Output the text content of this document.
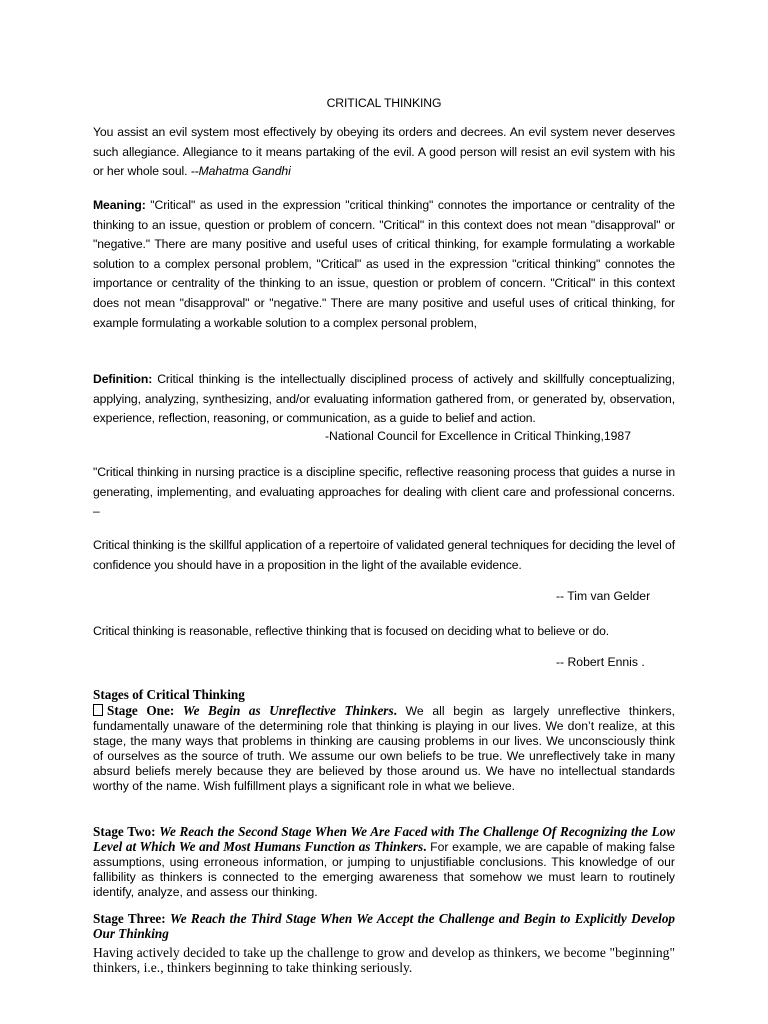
CRITICAL THINKING

You assist an evil system most effectively by obeying its orders and decrees. An evil system never deserves such allegiance. Allegiance to it means partaking of the evil. A good person will resist an evil system with his or her whole soul. --Mahatma Gandhi

Meaning: "Critical" as used in the expression "critical thinking" connotes the importance or centrality of the thinking to an issue, question or problem of concern. "Critical" in this context does not mean "disapproval" or "negative." There are many positive and useful uses of critical thinking, for example formulating a workable solution to a complex personal problem, "Critical" as used in the expression "critical thinking" connotes the importance or centrality of the thinking to an issue, question or problem of concern. "Critical" in this context does not mean "disapproval" or "negative." There are many positive and useful uses of critical thinking, for example formulating a workable solution to a complex personal problem,

Definition: Critical thinking is the intellectually disciplined process of actively and skillfully conceptualizing, applying, analyzing, synthesizing, and/or evaluating information gathered from, or generated by, observation, experience, reflection, reasoning, or communication, as a guide to belief and action.

-National Council for Excellence in Critical Thinking,1987

"Critical thinking in nursing practice is a discipline specific, reflective reasoning process that guides a nurse in generating, implementing, and evaluating approaches for dealing with client care and professional concerns. –

Critical thinking is the skillful application of a repertoire of validated general techniques for deciding the level of confidence you should have in a proposition in the light of the available evidence.

-- Tim van Gelder

Critical thinking is reasonable, reflective thinking that is focused on deciding what to believe or do.

-- Robert Ennis .
Stages of Critical Thinking

Stage One: We Begin as Unreflective Thinkers. We all begin as largely unreflective thinkers, fundamentally unaware of the determining role that thinking is playing in our lives. We don’t realize, at this stage, the many ways that problems in thinking are causing problems in our lives. We unconsciously think of ourselves as the source of truth. We assume our own beliefs to be true. We unreflectively take in many absurd beliefs merely because they are believed by those around us. We have no intellectual standards worthy of the name. Wish fulfillment plays a significant role in what we believe.

Stage Two: We Reach the Second Stage When We Are Faced with The Challenge Of Recognizing the Low Level at Which We and Most Humans Function as Thinkers. For example, we are capable of making false assumptions, using erroneous information, or jumping to unjustifiable conclusions. This knowledge of our fallibility as thinkers is connected to the emerging awareness that somehow we must learn to routinely identify, analyze, and assess our thinking.

Stage Three: We Reach the Third Stage When We Accept the Challenge and Begin to Explicitly Develop Our Thinking

Having actively decided to take up the challenge to grow and develop as thinkers, we become "beginning" thinkers, i.e., thinkers beginning to take thinking seriously.
